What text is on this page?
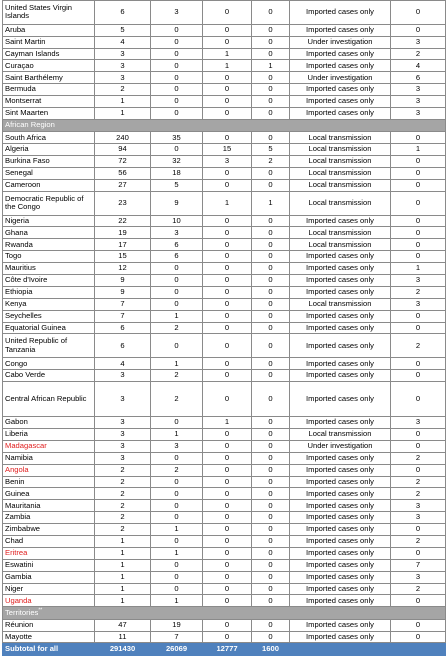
United States Virgin Islands	6	3	0	0	Imported cases only	0
Aruba	5	0	0	0	Imported cases only	0
Saint Martin	4	0	0	0	Under investigation	3
Cayman Islands	3	0	1	0	Imported cases only	2
Curaçao	3	0	1	1	Imported cases only	4
Saint Barthélemy	3	0	0	0	Under investigation	6
Bermuda	2	0	0	0	Imported cases only	3
Montserrat	1	0	0	0	Imported cases only	3
Sint Maarten	1	0	0	0	Imported cases only	3
African Region						
South Africa	240	35	0	0	Local transmission	0
Algeria	94	0	15	5	Local transmission	1
Burkina Faso	72	32	3	2	Local transmission	0
Senegal	56	18	0	0	Local transmission	0
Cameroon	27	5	0	0	Local transmission	0
Democratic Republic of the Congo	23	9	1	1	Local transmission	0
Nigeria	22	10	0	0	Imported cases only	0
Ghana	19	3	0	0	Local transmission	0
Rwanda	17	6	0	0	Local transmission	0
Togo	15	6	0	0	Imported cases only	0
Mauritius	12	0	0	0	Imported cases only	1
Côte d'Ivoire	9	0	0	0	Imported cases only	3
Ethiopia	9	0	0	0	Imported cases only	2
Kenya	7	0	0	0	Local transmission	3
Seychelles	7	1	0	0	Imported cases only	0
Equatorial Guinea	6	2	0	0	Imported cases only	0
United Republic of Tanzania	6	0	0	0	Imported cases only	2
Congo	4	1	0	0	Imported cases only	0
Cabo Verde	3	2	0	0	Imported cases only	0
Central African Republic	3	2	0	0	Imported cases only	0
Gabon	3	0	1	0	Imported cases only	3
Liberia	3	1	0	0	Local transmission	0
Madagascar	3	3	0	0	Under investigation	0
Namibia	3	0	0	0	Imported cases only	2
Angola	2	2	0	0	Imported cases only	0
Benin	2	0	0	0	Imported cases only	2
Guinea	2	0	0	0	Imported cases only	2
Mauritania	2	0	0	0	Imported cases only	3
Zambia	2	0	0	0	Imported cases only	3
Zimbabwe	2	1	0	0	Imported cases only	0
Chad	1	0	0	0	Imported cases only	2
Eritrea	1	1	0	0	Imported cases only	0
Eswatini	1	0	0	0	Imported cases only	7
Gambia	1	0	0	0	Imported cases only	3
Niger	1	0	0	0	Imported cases only	2
Uganda	1	1	0	0	Imported cases only	0
Territories**
Réunion	47	19	0	0	Imported cases only	0
Mayotte	11	7	0	0	Imported cases only	0
Subtotal for all	291430	26069	12777	1600		
